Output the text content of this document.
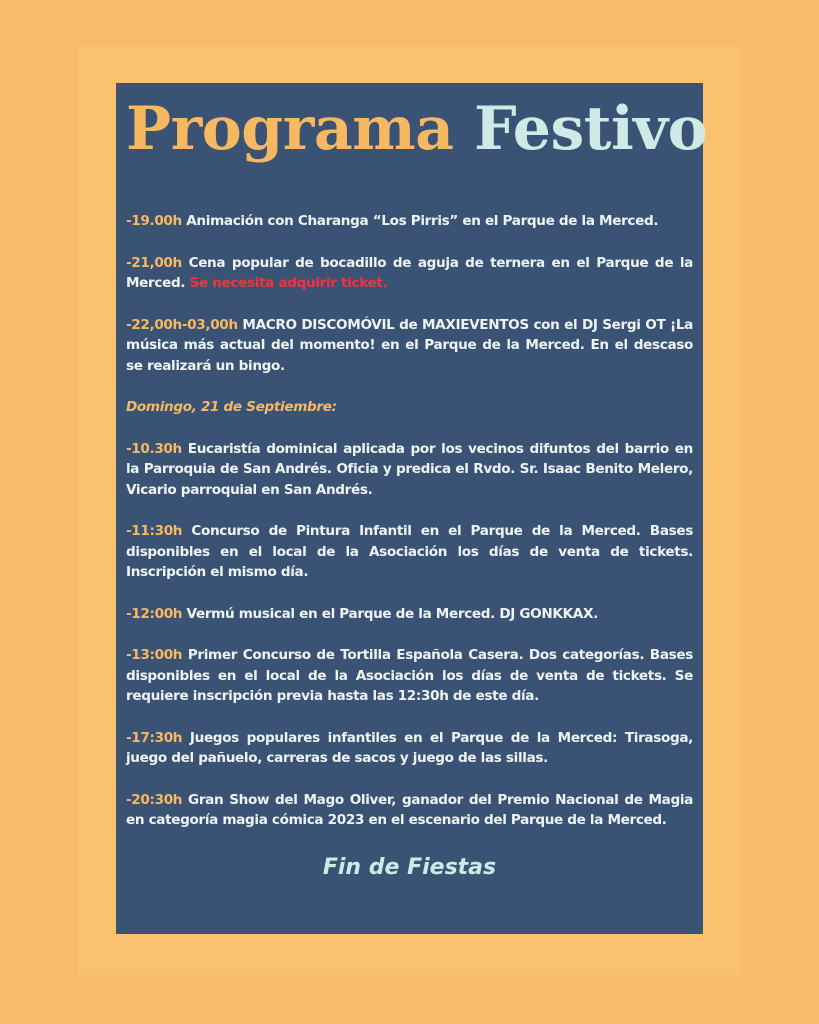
Programa Festivo

-19.00h Animación con Charanga “Los Pirris” en el Parque de la Merced.

-21,00h Cena popular de bocadillo de aguja de ternera en el Parque de la Merced. Se necesita adquirir ticket.

-22,00h-03,00h MACRO DISCOMÓVIL de MAXIEVENTOS con el DJ Sergi OT ¡La música más actual del momento! en el Parque de la Merced. En el descaso se realizará un bingo.

Domingo, 21 de Septiembre:

-10.30h Eucaristía dominical aplicada por los vecinos difuntos del barrio en la Parroquia de San Andrés. Oficia y predica el Rvdo. Sr. Isaac Benito Melero, Vicario parroquial en San Andrés.

-11:30h Concurso de Pintura Infantil en el Parque de la Merced. Bases disponibles en el local de la Asociación los días de venta de tickets. Inscripción el mismo día.

-12:00h Vermú musical en el Parque de la Merced. DJ GONKKAX.

-13:00h Primer Concurso de Tortilla Española Casera. Dos categorías. Bases disponibles en el local de la Asociación los días de venta de tickets. Se requiere inscripción previa hasta las 12:30h de este día.

-17:30h Juegos populares infantiles en el Parque de la Merced: Tirasoga, juego del pañuelo, carreras de sacos y juego de las sillas.

-20:30h Gran Show del Mago Oliver, ganador del Premio Nacional de Magia en categoría magia cómica 2023 en el escenario del Parque de la Merced.

Fin de Fiestas
